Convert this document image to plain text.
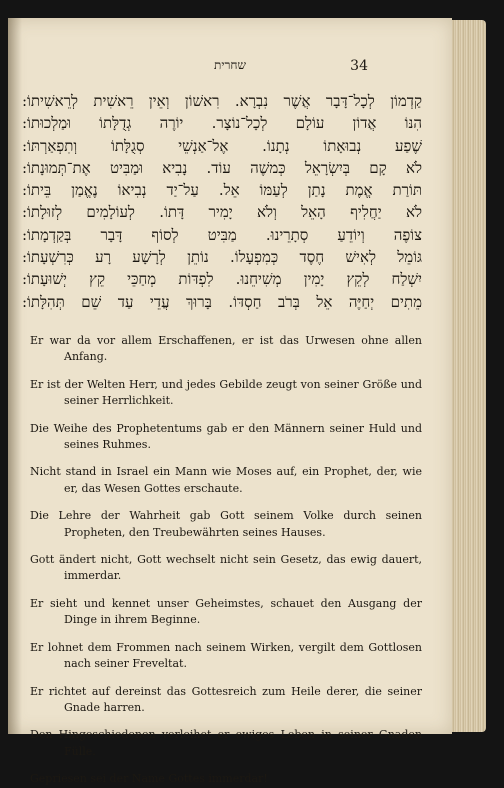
שחרית	34
קַדְמוֹן לְכָל־דָּבָר אֲשֶׁר נִבְרָא. רִאשׁוֹן וְאֵין רֵאשִׁית לְרֵאשִׁיתוֹ:
הִנּוֹ אֲדוֹן עוֹלָם לְכָל־נוֹצָר. יוֹרֶה גְדֻלָּתוֹ וּמַלְכוּתוֹ:
שֶׁפַע נְבוּאָתוֹ נְתָנוֹ. אֶל־אַנְשֵׁי סְגֻלָּתוֹ וְתִפְאַרְתּוֹ:
לֹא קָם בְּיִשְׂרָאֵל כְּמשֶׁה עוֹד. נָבִיא וּמַבִּיט אֶת־תְּמוּנָתוֹ:
תּוֹרַת אֱמֶת נָתַן לְעַמּוֹ אֵל. עַל־יַד נְבִיאוֹ נֶאֱמַן בֵּיתוֹ:
לֹא יַחֲלִיף הָאֵל וְלֹא יָמִיר דָּתוֹ. לְעוֹלָמִים לְזוּלָתוֹ:
צוֹפֶה וְיוֹדֵעַ סְתָרֵינוּ. מַבִּיט לְסוֹף דָּבָר בְּקַדְמָתוֹ:
גּוֹמֵל לְאִישׁ חֶסֶד כְּמִפְעָלוֹ. נוֹתֵן לְרָשָׁע רָע כְּרִשְׁעָתוֹ:
יִשְׁלַח לְקֵץ יָמִין מְשִׁיחֵנוּ. לִפְדּוֹת מְחַכֵּי קֵץ יְשׁוּעָתוֹ:
מֵתִים יְחַיֶּה אֵל בְּרֹב חַסְדּוֹ. בָּרוּךְ עֲדֵי עַד שֵׁם תְּהִלָּתוֹ:

Er war da vor allem Erschaffenen, er ist das Urwesen ohne allen Anfang.

Er ist der Welten Herr, und jedes Gebilde zeugt von seiner Größe und seiner Herrlichkeit.

Die Weihe des Prophetentums gab er den Männern seiner Huld und seines Ruhmes.

Nicht stand in Israel ein Mann wie Moses auf, ein Prophet, der, wie er, das Wesen Gottes erschaute.

Die Lehre der Wahrheit gab Gott seinem Volke durch seinen Propheten, den Treubewährten seines Hauses.

Gott ändert nicht, Gott wechselt nicht sein Gesetz, das ewig dauert, immerdar.

Er sieht und kennet unser Geheimstes, schauet den Ausgang der Dinge in ihrem Beginne.

Er lohnet dem Frommen nach seinem Wirken, vergilt dem Gottlosen nach seiner Freveltat.

Er richtet auf dereinst das Gottesreich zum Heile derer, die seiner Gnade harren.

Den Hingeschiedenen verleihet er ewiges Leben in seiner Gnaden Fülle.

Gepriesen sei der Name Gottes immerdar!
